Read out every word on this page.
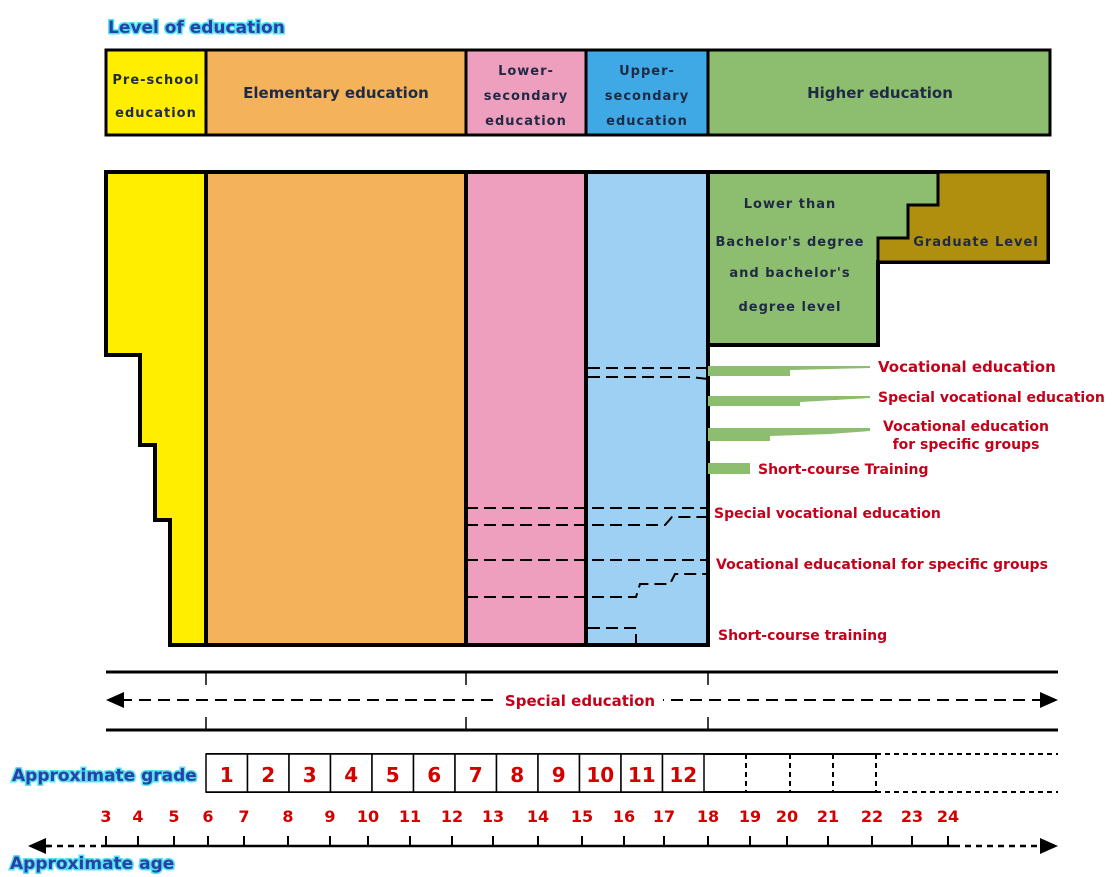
Level of education
Pre-school
education
Elementary education
Lower-
secondary
education
Upper-
secondary
education
Higher education
Lower than
Bachelor's degree
and bachelor's
degree level
Graduate Level
Vocational education
Special vocational education
Vocational education
for specific groups
Short-course Training
Special vocational education
Vocational educational for specific groups
Short-course training
Special education
Approximate grade 1 2 3 4 5 6 7 8 9 10 11 12
3 4 5 6 7 8 9 10 11 12 13 14 15 16 17 18 19 20 21 22 23 24
Approximate age
